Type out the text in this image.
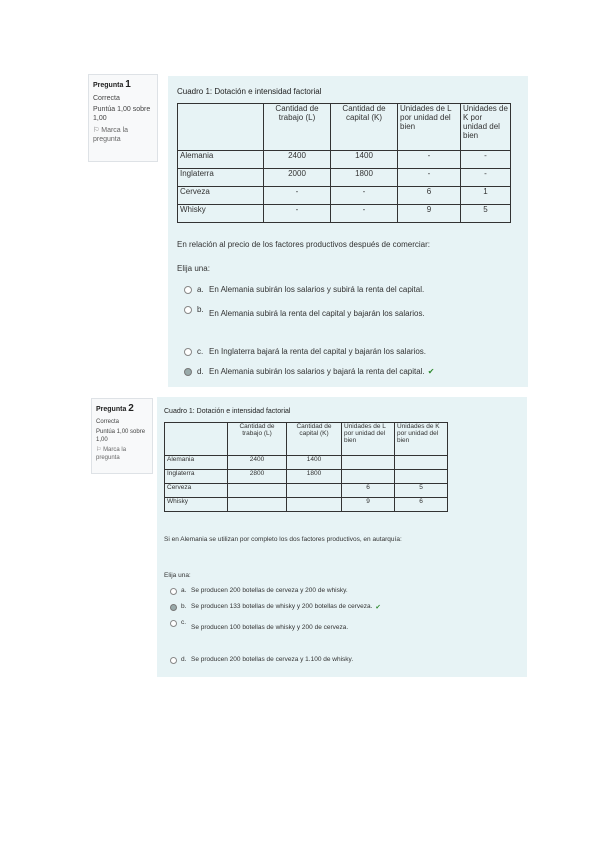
Pregunta 1
Correcta
Puntúa 1,00 sobre 1,00
⚐ Marca la pregunta
Cuadro 1: Dotación e intensidad factorial
	Cantidad de trabajo (L)	Cantidad de capital (K)	Unidades de L por unidad del bien	Unidades de K por unidad del bien
Alemania	2400	1400	-	-
Inglaterra	2000	1800	-	-
Cerveza	-	-	6	1
Whisky	-	-	9	5
En relación al precio de los factores productivos después de comerciar:
Elija una:
a. En Alemania subirán los salarios y subirá la renta del capital.
b. En Alemania subirá la renta del capital y bajarán los salarios.
c. En Inglaterra bajará la renta del capital y bajarán los salarios.
d. En Alemania subirán los salarios y bajará la renta del capital. ✔
Pregunta 2
Correcta
Puntúa 1,00 sobre 1,00
⚐ Marca la pregunta
Cuadro 1: Dotación e intensidad factorial
	Cantidad de trabajo (L)	Cantidad de capital (K)	Unidades de L por unidad del bien	Unidades de K por unidad del bien
Alemania	2400	1400		
Inglaterra	2800	1800		
Cerveza			6	5
Whisky			9	6
Si en Alemania se utilizan por completo los dos factores productivos, en autarquía:
Elija una:
a. Se producen 200 botellas de cerveza y 200 de whisky.
b. Se producen 133 botellas de whisky y 200 botellas de cerveza. ✔
c.
Se producen 100 botellas de whisky y 200 de cerveza.
d. Se producen 200 botellas de cerveza y 1.100 de whisky.
